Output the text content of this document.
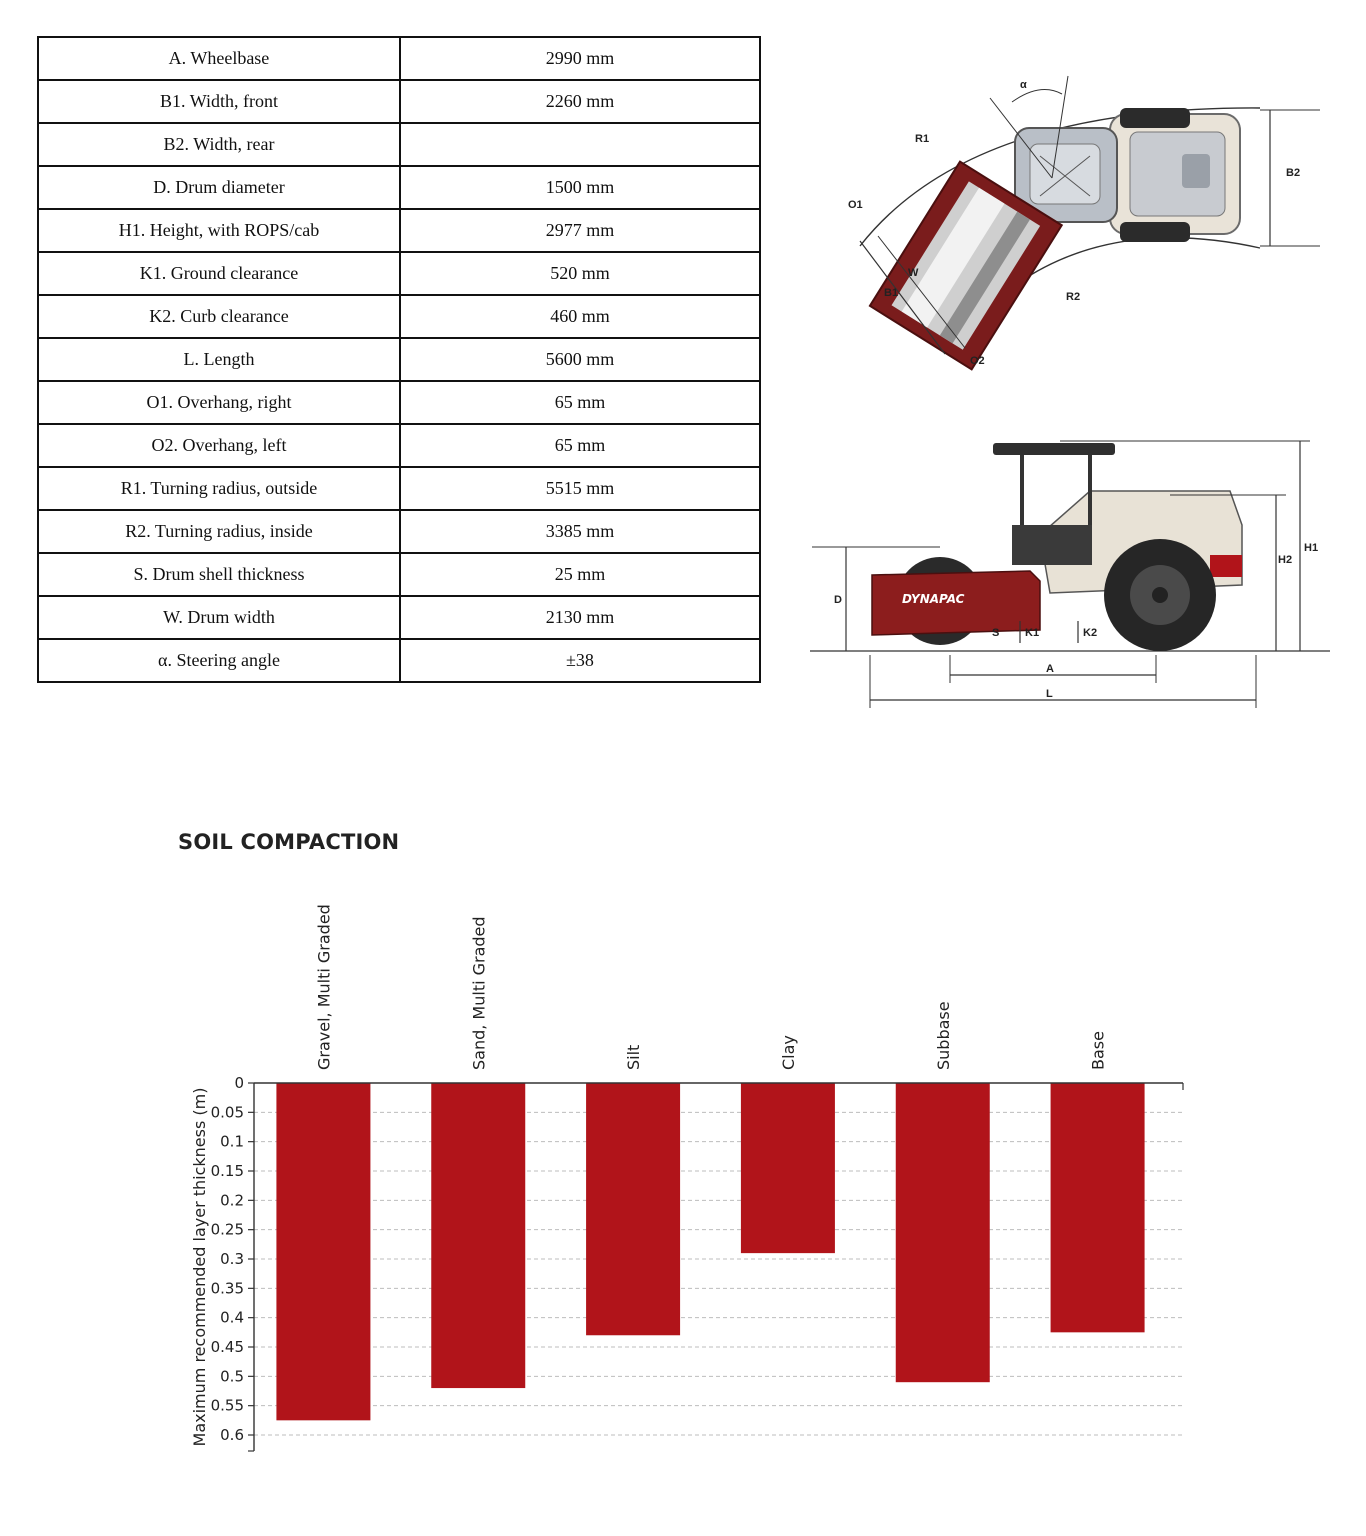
A. Wheelbase	2990 mm
B1. Width, front	2260 mm
B2. Width, rear	
D. Drum diameter	1500 mm
H1. Height, with ROPS/cab	2977 mm
K1. Ground clearance	520 mm
K2. Curb clearance	460 mm
L. Length	5600 mm
O1. Overhang, right	65 mm
O2. Overhang, left	65 mm
R1. Turning radius, outside	5515 mm
R2. Turning radius, inside	3385 mm
S. Drum shell thickness	25 mm
W. Drum width	2130 mm
α. Steering angle	±38
α
R1
O1
W
B1	R2
O2
B2
DYNAPAC
D
S K1	K2
A
L
H1
H2
SOIL COMPACTION
0
0.05
0.1
0.15
0.2
0.25
0.3
0.35
0.4
0.45
0.5
0.55
0.6
Gravel, Multi Graded	Sand, Multi Graded	Silt	Clay	Subbase	Base
Maximum recommended layer thickness (m)
